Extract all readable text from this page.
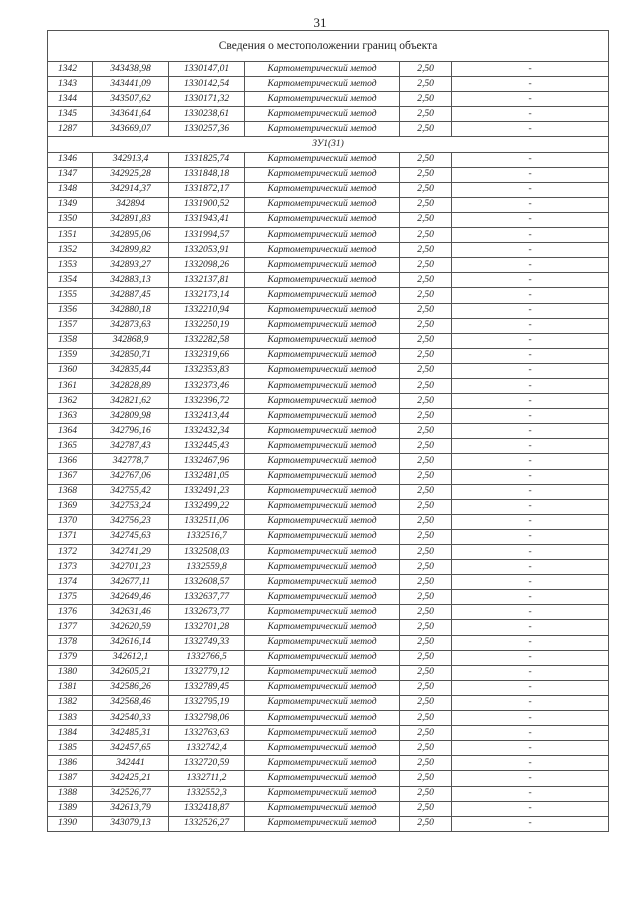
31
Сведения о местоположении границ объекта					
1342	343438,98	1330147,01	Картометрический метод	2,50	-
1343	343441,09	1330142,54	Картометрический метод	2,50	-
1344	343507,62	1330171,32	Картометрический метод	2,50	-
1345	343641,64	1330238,61	Картометрический метод	2,50	-
1287	343669,07	1330257,36	Картометрический метод	2,50	-
ЗУ1(31)					
1346	342913,4	1331825,74	Картометрический метод	2,50	-
1347	342925,28	1331848,18	Картометрический метод	2,50	-
1348	342914,37	1331872,17	Картометрический метод	2,50	-
1349	342894	1331900,52	Картометрический метод	2,50	-
1350	342891,83	1331943,41	Картометрический метод	2,50	-
1351	342895,06	1331994,57	Картометрический метод	2,50	-
1352	342899,82	1332053,91	Картометрический метод	2,50	-
1353	342893,27	1332098,26	Картометрический метод	2,50	-
1354	342883,13	1332137,81	Картометрический метод	2,50	-
1355	342887,45	1332173,14	Картометрический метод	2,50	-
1356	342880,18	1332210,94	Картометрический метод	2,50	-
1357	342873,63	1332250,19	Картометрический метод	2,50	-
1358	342868,9	1332282,58	Картометрический метод	2,50	-
1359	342850,71	1332319,66	Картометрический метод	2,50	-
1360	342835,44	1332353,83	Картометрический метод	2,50	-
1361	342828,89	1332373,46	Картометрический метод	2,50	-
1362	342821,62	1332396,72	Картометрический метод	2,50	-
1363	342809,98	1332413,44	Картометрический метод	2,50	-
1364	342796,16	1332432,34	Картометрический метод	2,50	-
1365	342787,43	1332445,43	Картометрический метод	2,50	-
1366	342778,7	1332467,96	Картометрический метод	2,50	-
1367	342767,06	1332481,05	Картометрический метод	2,50	-
1368	342755,42	1332491,23	Картометрический метод	2,50	-
1369	342753,24	1332499,22	Картометрический метод	2,50	-
1370	342756,23	1332511,06	Картометрический метод	2,50	-
1371	342745,63	1332516,7	Картометрический метод	2,50	-
1372	342741,29	1332508,03	Картометрический метод	2,50	-
1373	342701,23	1332559,8	Картометрический метод	2,50	-
1374	342677,11	1332608,57	Картометрический метод	2,50	-
1375	342649,46	1332637,77	Картометрический метод	2,50	-
1376	342631,46	1332673,77	Картометрический метод	2,50	-
1377	342620,59	1332701,28	Картометрический метод	2,50	-
1378	342616,14	1332749,33	Картометрический метод	2,50	-
1379	342612,1	1332766,5	Картометрический метод	2,50	-
1380	342605,21	1332779,12	Картометрический метод	2,50	-
1381	342586,26	1332789,45	Картометрический метод	2,50	-
1382	342568,46	1332795,19	Картометрический метод	2,50	-
1383	342540,33	1332798,06	Картометрический метод	2,50	-
1384	342485,31	1332763,63	Картометрический метод	2,50	-
1385	342457,65	1332742,4	Картометрический метод	2,50	-
1386	342441	1332720,59	Картометрический метод	2,50	-
1387	342425,21	1332711,2	Картометрический метод	2,50	-
1388	342526,77	1332552,3	Картометрический метод	2,50	-
1389	342613,79	1332418,87	Картометрический метод	2,50	-
1390	343079,13	1332526,27	Картометрический метод	2,50	-
